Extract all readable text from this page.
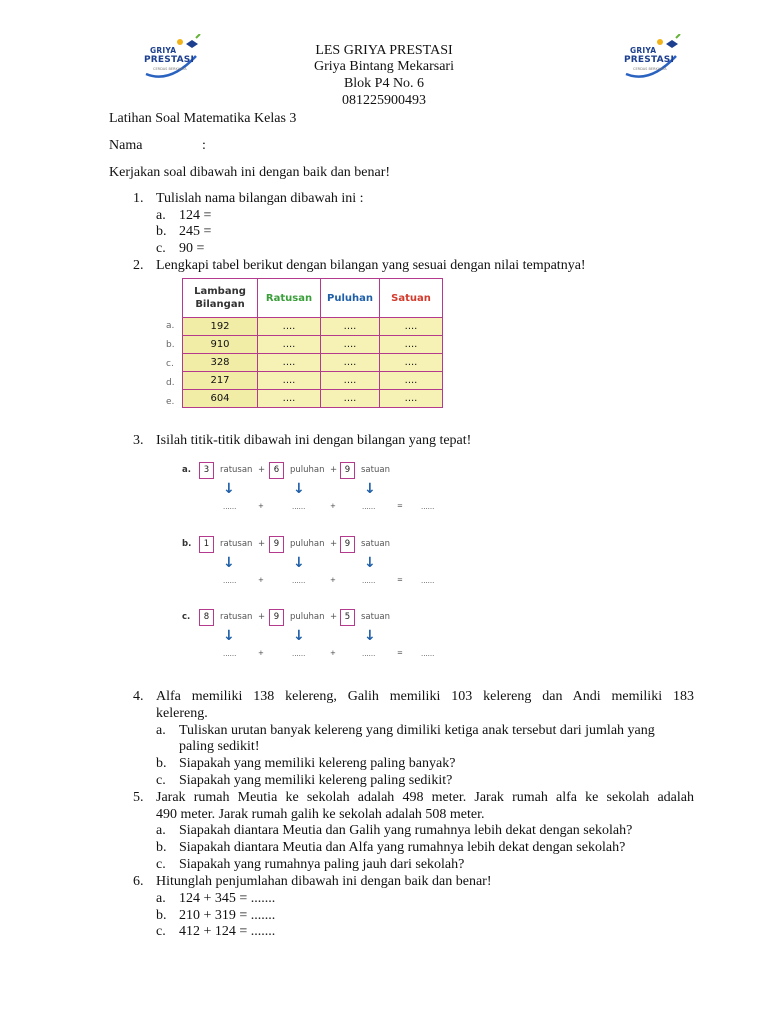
GRIYA
PRESTASI
CERDAS BERKARYA
GRIYA
PRESTASI
CERDAS BERKARYA
LES GRIYA PRESTASI
Griya Bintang Mekarsari
Blok P4 No. 6
081225900493
Latihan Soal Matematika Kelas 3
Nama	:
Kerjakan soal dibawah ini dengan baik dan benar!
1. Tulislah nama bilangan dibawah ini :
a. 124 =
b. 245 =
c. 90 =
2. Lengkapi tabel berikut dengan bilangan yang sesuai dengan nilai tempatnya!
Lambang Bilangan	Ratusan	Puluhan	Satuan
192	....	....	....
910	....	....	....
328	....	....	....
217	....	....	....
604	....	....	....
a.
b.
c.
d.
e.
3. Isilah titik-titik dibawah ini dengan bilangan yang tepat!
a.	3	ratusan +	6	puluhan + 9	satuan
↓	↓	↓
......	+	......	+	......	=	......
b.	1	ratusan +	9	puluhan + 9	satuan
↓	↓	↓
......	+	......	+	......	=	......
c.	8	ratusan +	9	puluhan + 5	satuan
↓	↓	↓
......	+	......	+	......	=	......
4. Alfa memiliki 138 kelereng, Galih memiliki 103 kelereng dan Andi memiliki 183
kelereng.
a. Tuliskan urutan banyak kelereng yang dimiliki ketiga anak tersebut dari jumlah yang
paling sedikit!
b. Siapakah yang memiliki kelereng paling banyak?
c. Siapakah yang memiliki kelereng paling sedikit?
5. Jarak rumah Meutia ke sekolah adalah 498 meter. Jarak rumah alfa ke sekolah adalah
490 meter. Jarak rumah galih ke sekolah adalah 508 meter.
a. Siapakah diantara Meutia dan Galih yang rumahnya lebih dekat dengan sekolah?
b. Siapakah diantara Meutia dan Alfa yang rumahnya lebih dekat dengan sekolah?
c. Siapakah yang rumahnya paling jauh dari sekolah?
6. Hitunglah penjumlahan dibawah ini dengan baik dan benar!
a. 124 + 345 = .......
b. 210 + 319 = .......
c. 412 + 124 = .......
